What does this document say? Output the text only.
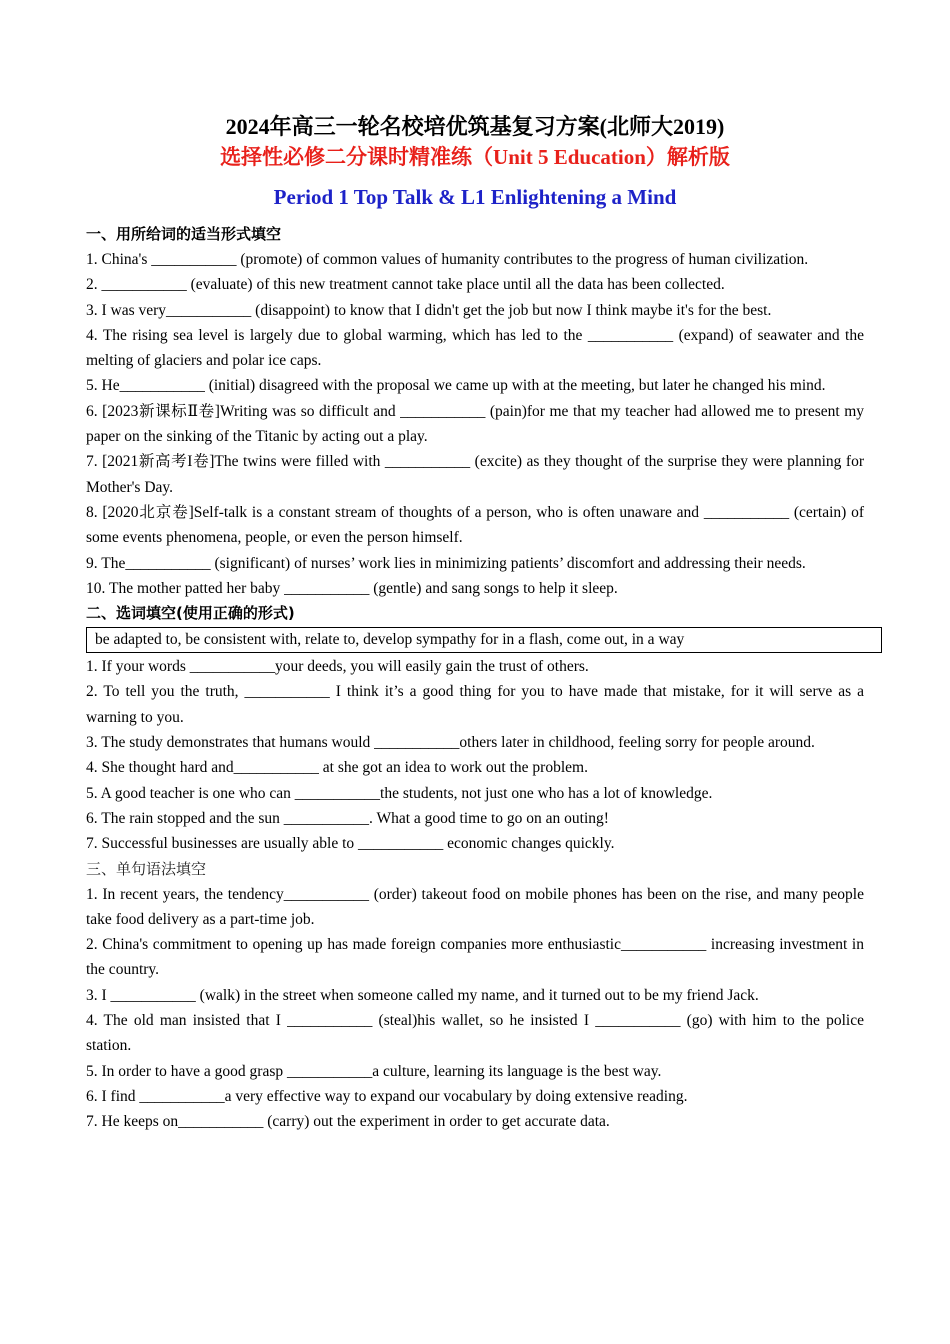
2024年高三一轮名校培优筑基复习方案(北师大2019)

选择性必修二分课时精准练（Unit 5 Education）解析版

Period 1 Top Talk & L1 Enlightening a Mind

一、用所给词的适当形式填空

1. China's ___________ (promote) of common values of humanity contributes to the progress of human civilization.

2. ___________ (evaluate) of this new treatment cannot take place until all the data has been collected.

3. I was very___________ (disappoint) to know that I didn't get the job but now I think maybe it's for the best.

4. The rising sea level is largely due to global warming, which has led to the ___________ (expand) of seawater and the melting of glaciers and polar ice caps.

5. He___________ (initial) disagreed with the proposal we came up with at the meeting, but later he changed his mind.

6. [2023新课标Ⅱ卷]Writing was so difficult and ___________ (pain)for me that my teacher had allowed me to present my paper on the sinking of the Titanic by acting out a play.

7. [2021新高考I卷]The twins were filled with ___________ (excite) as they thought of the surprise they were planning for Mother's Day.

8. [2020北京卷]Self-talk is a constant stream of thoughts of a person, who is often unaware and ___________ (certain) of some events phenomena, people, or even the person himself.

9. The___________ (significant) of nurses’ work lies in minimizing patients’ discomfort and addressing their needs.

10. The mother patted her baby ___________ (gentle) and sang songs to help it sleep.

二、选词填空(使用正确的形式)

be adapted to, be consistent with, relate to, develop sympathy for in a flash, come out, in a way

1. If your words ___________your deeds, you will easily gain the trust of others.

2. To tell you the truth, ___________ I think it’s a good thing for you to have made that mistake, for it will serve as a warning to you.

3. The study demonstrates that humans would ___________others later in childhood, feeling sorry for people around.

4. She thought hard and___________ at she got an idea to work out the problem.

5. A good teacher is one who can ___________the students, not just one who has a lot of knowledge.

6. The rain stopped and the sun ___________. What a good time to go on an outing!

7. Successful businesses are usually able to ___________ economic changes quickly.

三、单句语法填空

1. In recent years, the tendency___________ (order) takeout food on mobile phones has been on the rise, and many people take food delivery as a part-time job.

2. China's commitment to opening up has made foreign companies more enthusiastic___________ increasing investment in the country.

3. I ___________ (walk) in the street when someone called my name, and it turned out to be my friend Jack.

4. The old man insisted that I ___________ (steal)his wallet, so he insisted I ___________ (go) with him to the police station.

5. In order to have a good grasp ___________a culture, learning its language is the best way.

6. I find ___________a very effective way to expand our vocabulary by doing extensive reading.

7. He keeps on___________ (carry) out the experiment in order to get accurate data.
